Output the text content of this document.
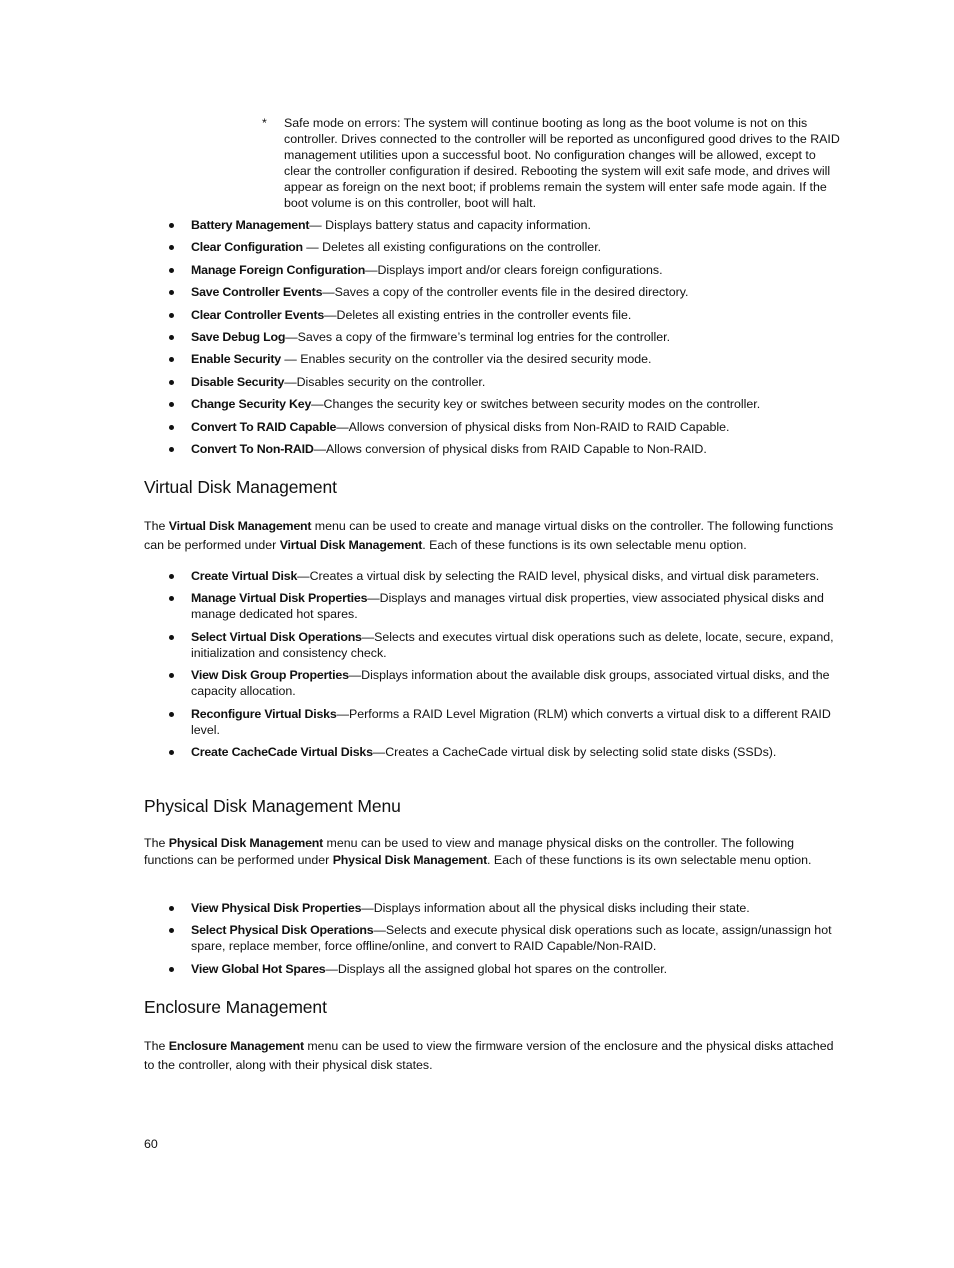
*	Safe mode on errors: The system will continue booting as long as the boot volume is not on this controller. Drives connected to the controller will be reported as unconfigured good drives to the RAID management utilities upon a successful boot. No configuration changes will be allowed, except to clear the controller configuration if desired. Rebooting the system will exit safe mode, and drives will appear as foreign on the next boot; if problems remain the system will enter safe mode again. If the boot volume is on this controller, boot will halt.
Battery Management— Displays battery status and capacity information.
Clear Configuration — Deletes all existing configurations on the controller.
Manage Foreign Configuration—Displays import and/or clears foreign configurations.
Save Controller Events—Saves a copy of the controller events file in the desired directory.
Clear Controller Events—Deletes all existing entries in the controller events file.
Save Debug Log—Saves a copy of the firmware’s terminal log entries for the controller.
Enable Security — Enables security on the controller via the desired security mode.
Disable Security—Disables security on the controller.
Change Security Key—Changes the security key or switches between security modes on the controller.
Convert To RAID Capable—Allows conversion of physical disks from Non-RAID to RAID Capable.
Convert To Non-RAID—Allows conversion of physical disks from RAID Capable to Non-RAID.
Virtual Disk Management

The Virtual Disk Management menu can be used to create and manage virtual disks on the controller. The following functions can be performed under Virtual Disk Management. Each of these functions is its own selectable menu option.

Create Virtual Disk—Creates a virtual disk by selecting the RAID level, physical disks, and virtual disk parameters.
Manage Virtual Disk Properties—Displays and manages virtual disk properties, view associated physical disks and manage dedicated hot spares.
Select Virtual Disk Operations—Selects and executes virtual disk operations such as delete, locate, secure, expand, initialization and consistency check.
View Disk Group Properties—Displays information about the available disk groups, associated virtual disks, and the capacity allocation.
Reconfigure Virtual Disks—Performs a RAID Level Migration (RLM) which converts a virtual disk to a different RAID level.
Create CacheCade Virtual Disks—Creates a CacheCade virtual disk by selecting solid state disks (SSDs).
Physical Disk Management Menu

The Physical Disk Management menu can be used to view and manage physical disks on the controller. The following functions can be performed under Physical Disk Management. Each of these functions is its own selectable menu option.

View Physical Disk Properties—Displays information about all the physical disks including their state.
Select Physical Disk Operations—Selects and execute physical disk operations such as locate, assign/unassign hot spare, replace member, force offline/online, and convert to RAID Capable/Non-RAID.
View Global Hot Spares—Displays all the assigned global hot spares on the controller.
Enclosure Management

The Enclosure Management menu can be used to view the firmware version of the enclosure and the physical disks attached to the controller, along with their physical disk states.

60
